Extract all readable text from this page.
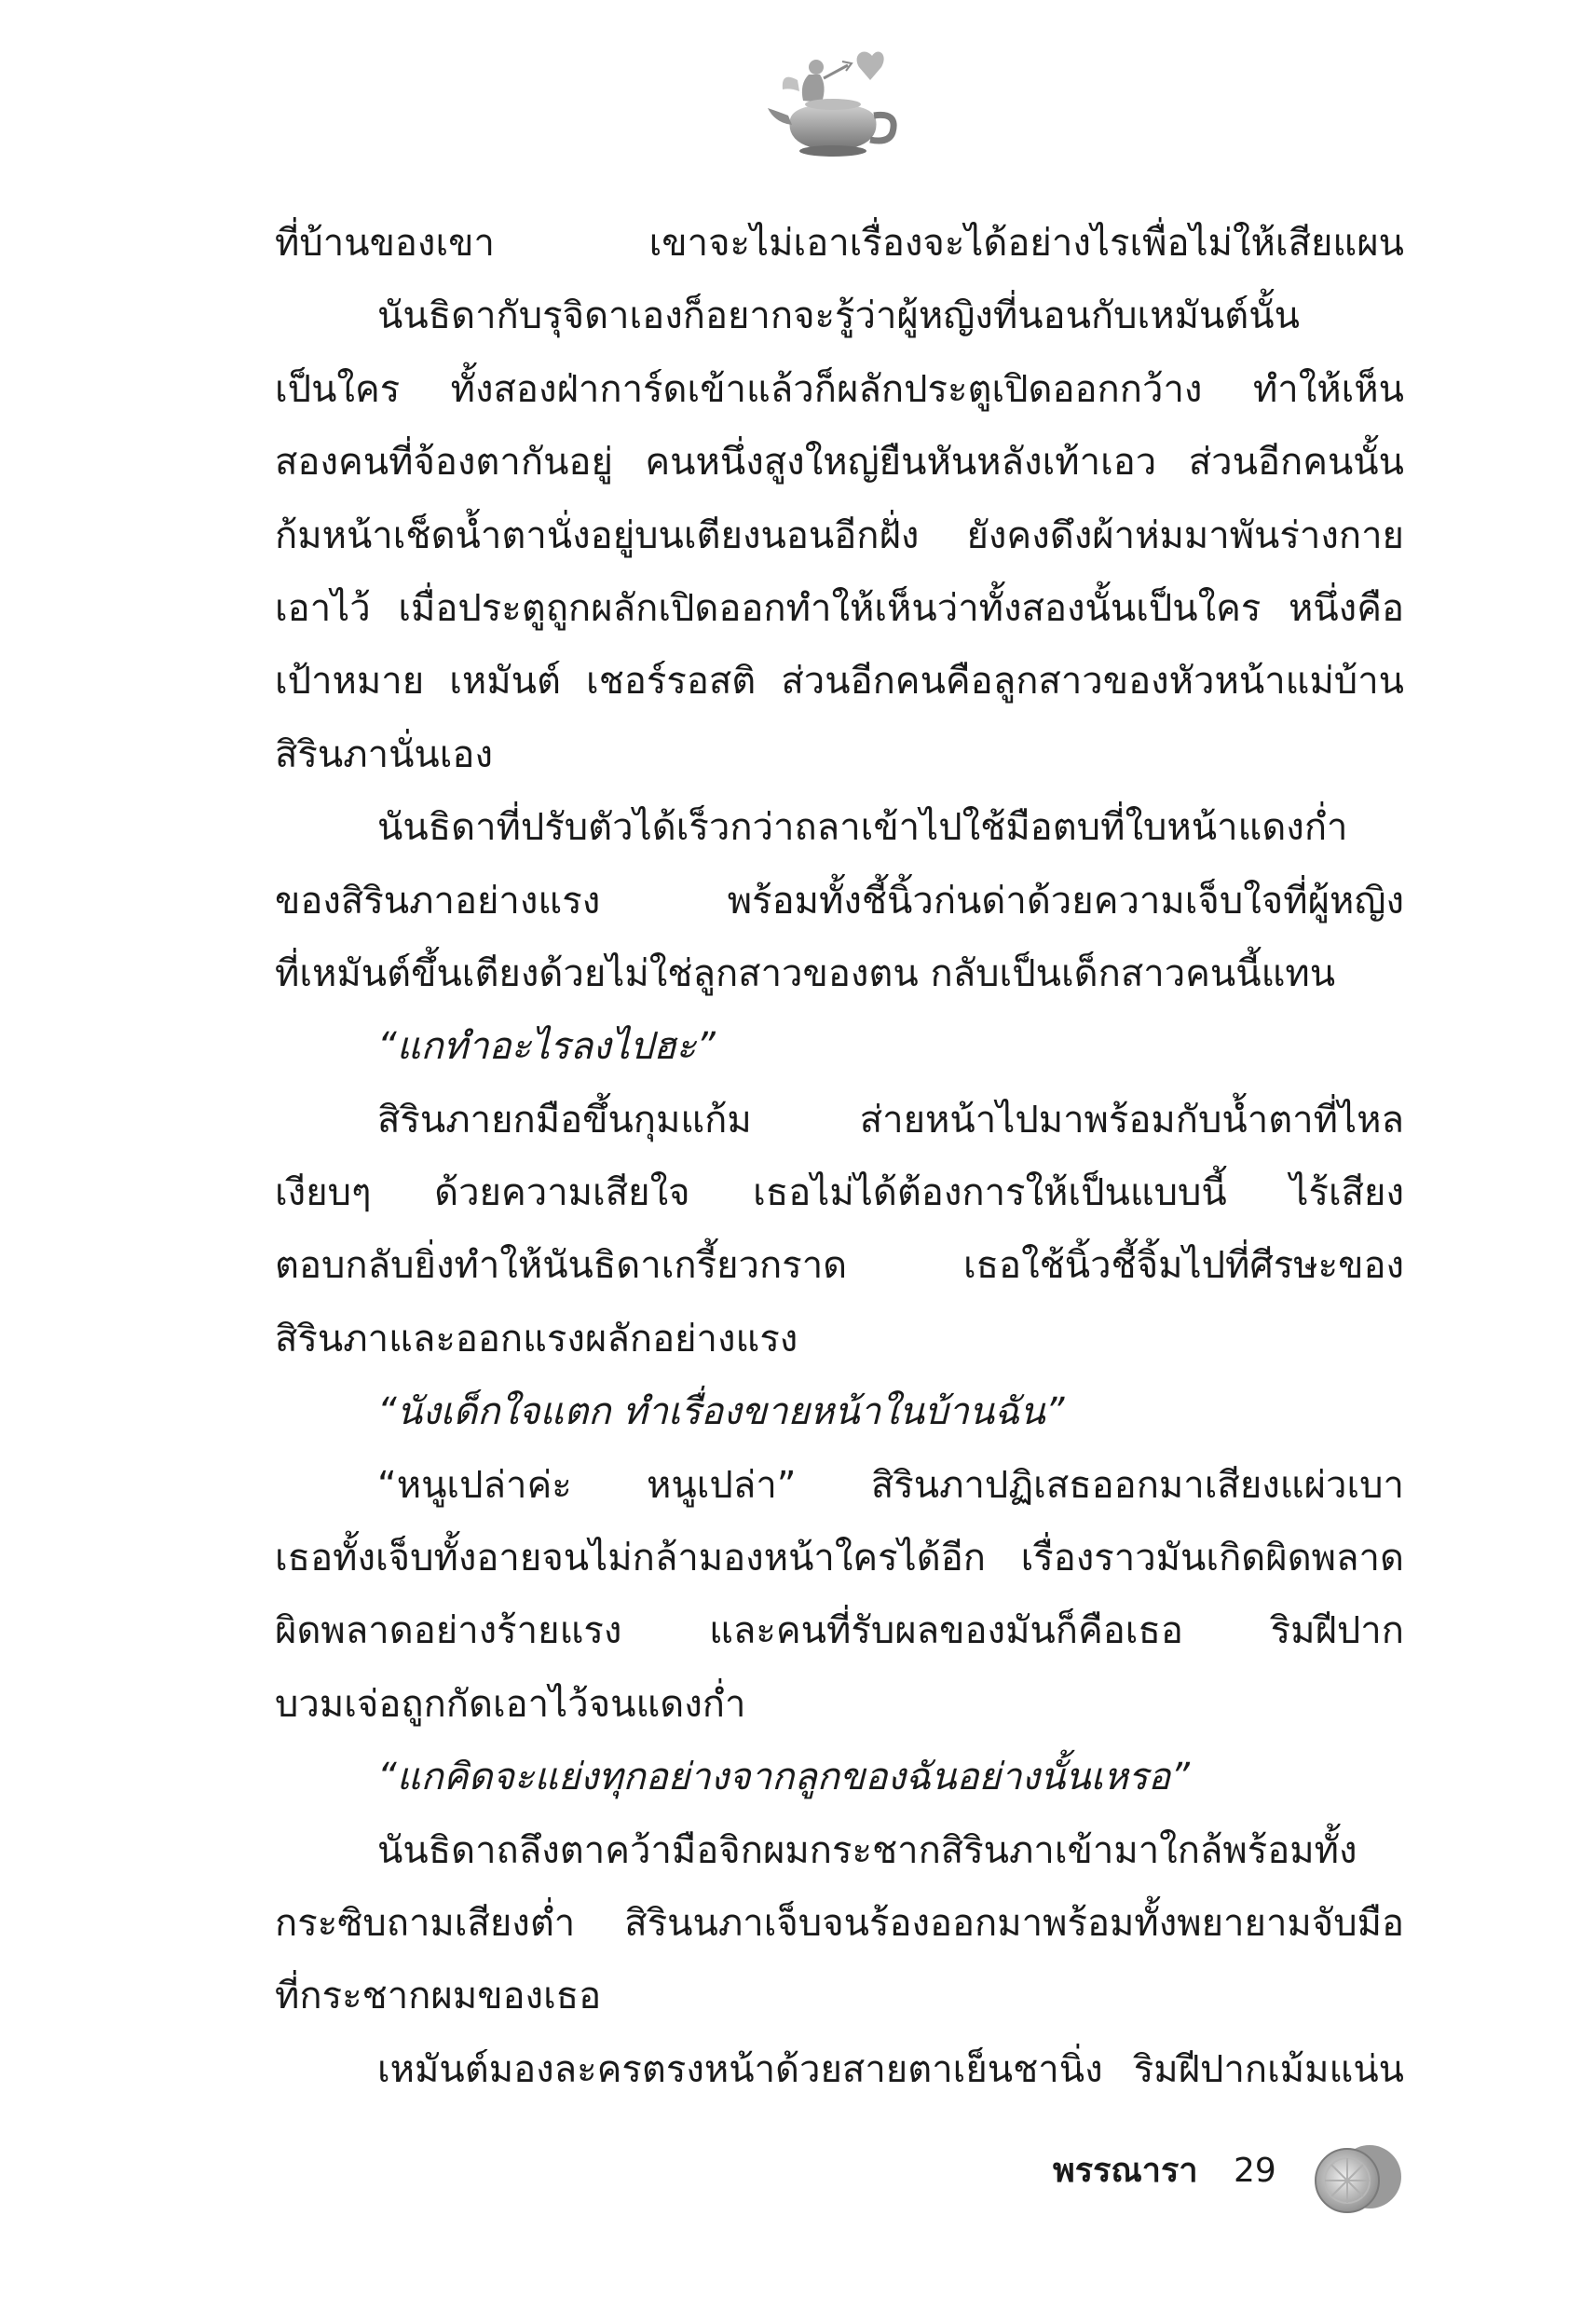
ที่บ้านของเขา เขาจะไม่เอาเรื่องจะได้อย่างไรเพื่อไม่ให้เสียแผน
นันธิดากับรุจิดาเองก็อยากจะรู้ว่าผู้หญิงที่นอนกับเหมันต์นั้น
เป็นใคร ทั้งสองฝ่าการ์ดเข้าแล้วก็ผลักประตูเปิดออกกว้าง ทำให้เห็น
สองคนที่จ้องตากันอยู่ คนหนึ่งสูงใหญ่ยืนหันหลังเท้าเอว ส่วนอีกคนนั้น
ก้มหน้าเช็ดน้ำตานั่งอยู่บนเตียงนอนอีกฝั่ง ยังคงดึงผ้าห่มมาพันร่างกาย
เอาไว้ เมื่อประตูถูกผลักเปิดออกทำให้เห็นว่าทั้งสองนั้นเป็นใคร หนึ่งคือ
เป้าหมาย เหมันต์ เชอร์รอสติ ส่วนอีกคนคือลูกสาวของหัวหน้าแม่บ้าน
สิรินภานั่นเอง
นันธิดาที่ปรับตัวได้เร็วกว่าถลาเข้าไปใช้มือตบที่ใบหน้าแดงก่ำ
ของสิรินภาอย่างแรง พร้อมทั้งชี้นิ้วก่นด่าด้วยความเจ็บใจที่ผู้หญิง
ที่เหมันต์ขึ้นเตียงด้วยไม่ใช่ลูกสาวของตน กลับเป็นเด็กสาวคนนี้แทน
“แกทำอะไรลงไปฮะ”
สิรินภายกมือขึ้นกุมแก้ม ส่ายหน้าไปมาพร้อมกับน้ำตาที่ไหล
เงียบๆ ด้วยความเสียใจ เธอไม่ได้ต้องการให้เป็นแบบนี้ ไร้เสียง
ตอบกลับยิ่งทำให้นันธิดาเกรี้ยวกราด เธอใช้นิ้วชี้จิ้มไปที่ศีรษะของ
สิรินภาและออกแรงผลักอย่างแรง
“นังเด็กใจแตก ทำเรื่องขายหน้าในบ้านฉัน”
“หนูเปล่าค่ะ หนูเปล่า” สิรินภาปฏิเสธออกมาเสียงแผ่วเบา
เธอทั้งเจ็บทั้งอายจนไม่กล้ามองหน้าใครได้อีก เรื่องราวมันเกิดผิดพลาด
ผิดพลาดอย่างร้ายแรง และคนที่รับผลของมันก็คือเธอ ริมฝีปาก
บวมเจ่อถูกกัดเอาไว้จนแดงก่ำ
“แกคิดจะแย่งทุกอย่างจากลูกของฉันอย่างนั้นเหรอ”
นันธิดาถลึงตาคว้ามือจิกผมกระชากสิรินภาเข้ามาใกล้พร้อมทั้ง
กระซิบถามเสียงต่ำ สิรินนภาเจ็บจนร้องออกมาพร้อมทั้งพยายามจับมือ
ที่กระชากผมของเธอ
เหมันต์มองละครตรงหน้าด้วยสายตาเย็นชานิ่ง ริมฝีปากเม้มแน่น
พรรณารา 29
